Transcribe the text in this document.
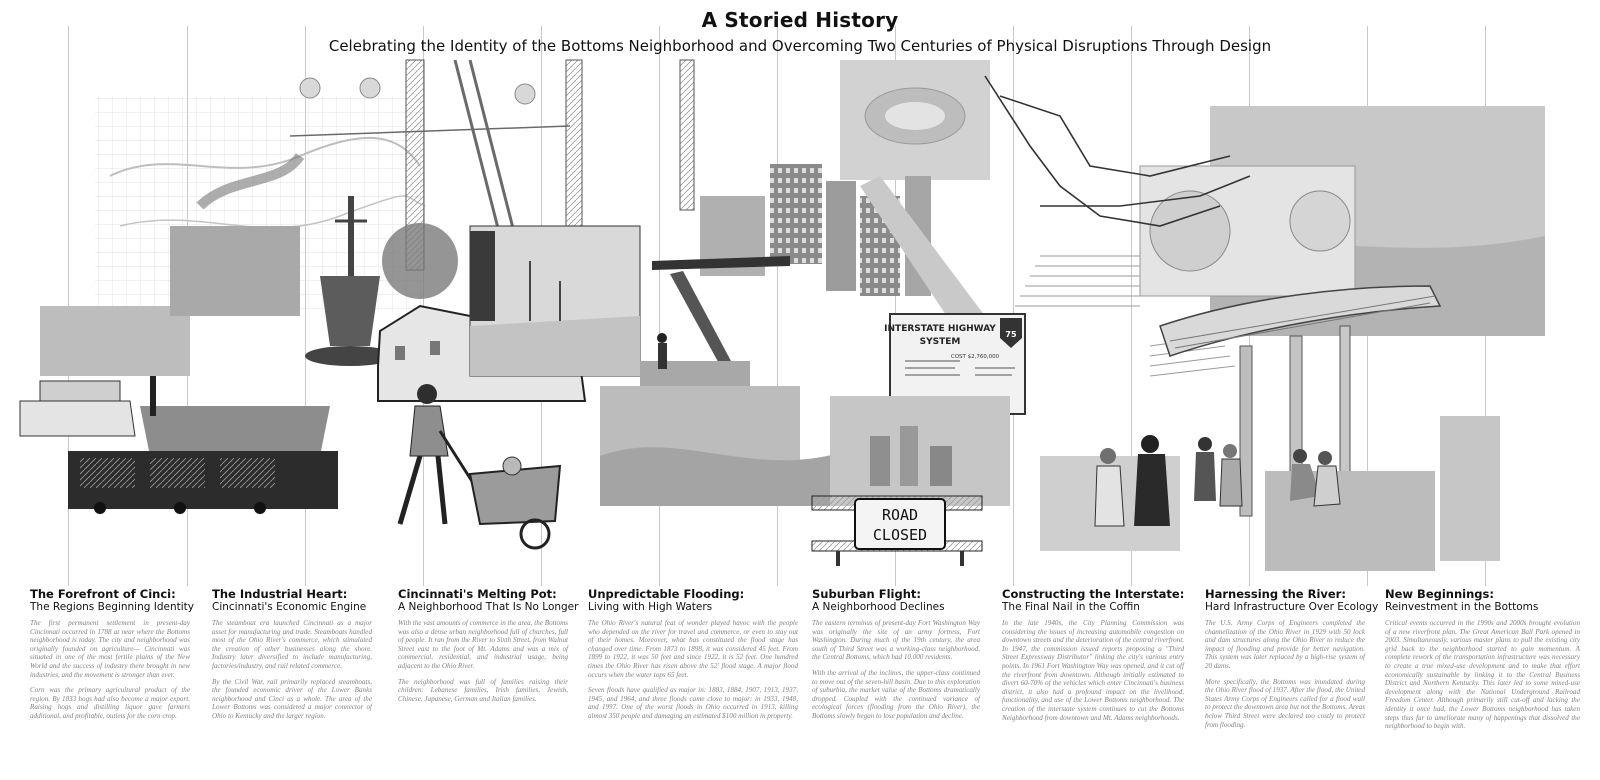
A Storied History
Celebrating the Identity of the Bottoms Neighborhood and Overcoming Two Centuries of Physical Disruptions Through Design
INTERSTATE HIGHWAY
SYSTEM
75
COST $2,760,000
ROAD
CLOSED
The Forefront of Cinci:
The Regions Beginning Identity

The first permanent settlement in present-day Cincinnati occurred in 1788 at near where the Bottoms neighborhood is today. The city and neighborhood was originally founded on agriculture— Cincinnati was situated in one of the most fertile plains of the New World and the success of industry there brought in new industries, and the movement is stronger than ever.

Corn was the primary agricultural product of the region. By 1833 hogs had also become a major export. Raising hogs and distilling liquor gave farmers additional, and profitable, outlets for the corn crop.

The Industrial Heart:
Cincinnati's Economic Engine

The steamboat era launched Cincinnati as a major asset for manufacturing and trade. Steamboats handled most of the Ohio River's commerce, which stimulated the creation of other businesses along the shore. Industry later diversified to include manufacturing, factories/industry, and rail related commerce.

By the Civil War, rail primarily replaced steamboats, the founded economic driver of the Lower Banks neighborhood and Cinci as a whole. The area of the Lower Bottoms was considered a major connector of Ohio to Kentucky and the larger region.

Cincinnati's Melting Pot:
A Neighborhood That Is No Longer

With the vast amounts of commerce in the area, the Bottoms was also a dense urban neighborhood full of churches, full of people. It ran from the River to Sixth Street, from Walnut Street east to the foot of Mt. Adams and was a mix of commercial, residential, and industrial usage, being adjacent to the Ohio River.

The neighborhood was full of families raising their children: Lebanese families, Irish families, Jewish, Chinese, Japanese, German and Italian families.

Unpredictable Flooding:
Living with High Waters

The Ohio River's natural feat of wonder played havoc with the people who depended on the river for travel and commerce, or even to stay out of their homes. Moreover, what has constituted the flood stage has changed over time. From 1873 to 1898, it was considered 45 feet. From 1899 to 1922, it was 50 feet and since 1922, it is 52 feet. One hundred times the Ohio River has risen above the 52' flood stage. A major flood occurs when the water tops 65 feet.

Seven floods have qualified as major in: 1883, 1884, 1907, 1913, 1937, 1945, and 1964, and three floods came close to major: in 1933, 1948, and 1997. One of the worst floods in Ohio occurred in 1913, killing almost 350 people and damaging an estimated $100 million in property.

Suburban Flight:
A Neighborhood Declines

The eastern terminus of present-day Fort Washington Way was originally the site of an army fortress, Fort Washington. During much of the 19th century, the area south of Third Street was a working-class neighborhood, the Central Bottoms, which had 10,000 residents.

With the arrival of the inclines, the upper-class continued to move out of the seven-hill basin. Due to this exploration of suburbia, the market value of the Bottoms dramatically dropped. Coupled with the continued variance of ecological forces (flooding from the Ohio River), the Bottoms slowly began to lose population and decline.

Constructing the Interstate:
The Final Nail in the Coffin

In the late 1940s, the City Planning Commission was considering the issues of increasing automobile congestion on downtown streets and the deterioration of the central riverfront. In 1947, the commission issued reports proposing a "Third Street Expressway Distributor" linking the city's various entry points. In 1961 Fort Washington Way was opened, and it cut off the riverfront from downtown. Although initially estimated to divert 60-70% of the vehicles which enter Cincinnati's business district, it also had a profound impact on the livelihood, functionality, and use of the Lower Bottoms neighborhood. The creation of the interstate system continues to cut the Bottoms Neighborhood from downtown and Mt. Adams neighborhoods.

Harnessing the River:
Hard Infrastructure Over Ecology

The U.S. Army Corps of Engineers completed the channelization of the Ohio River in 1929 with 50 lock and dam structures along the Ohio River to reduce the impact of flooding and provide for better navigation. This system was later replaced by a high-rise system of 20 dams.

More specifically, the Bottoms was inundated during the Ohio River flood of 1937. After the flood, the United States Army Corps of Engineers called for a flood wall to protect the downtown area but not the Bottoms. Areas below Third Street were declared too costly to protect from flooding.

New Beginnings:
Reinvestment in the Bottoms

Critical events occurred in the 1990s and 2000s brought evolution of a new riverfront plan. The Great American Ball Park opened in 2003. Simultaneously, various master plans to pull the existing city grid back to the neighborhood started to gain momentum. A complete rework of the transportation infrastructure was necessary to create a true mixed-use development and to make that effort economically sustainable by linking it to the Central Business District and Northern Kentucky. This later led to some mixed-use development along with the National Underground Railroad Freedom Center. Although primarily still cut-off and lacking the identity it once had, the Lower Bottoms neighborhood has taken steps thus far to ameliorate many of happenings that dissolved the neighborhood to begin with.
